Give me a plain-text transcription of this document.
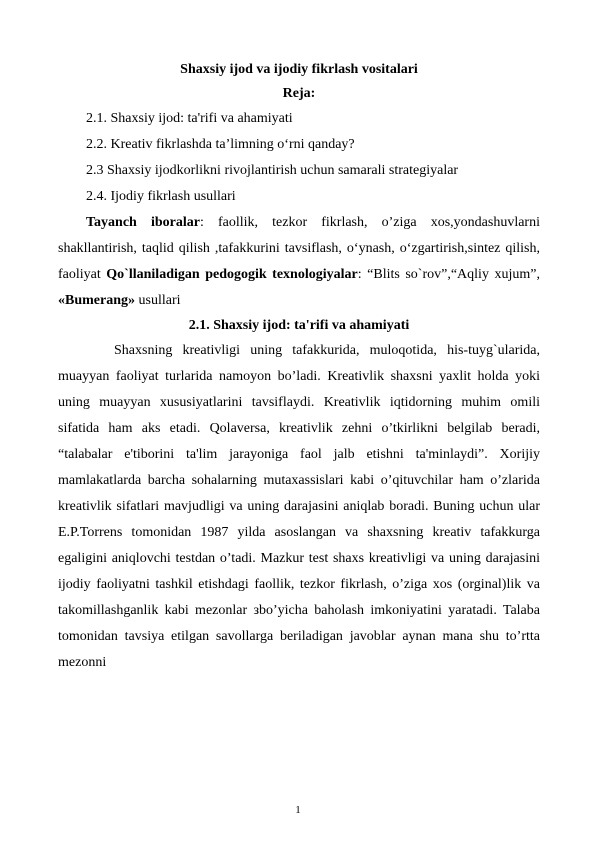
Shaxsiy ijod va ijodiy fikrlash vositalari

Reja:

2.1. Shaxsiy ijod: ta'rifi va ahamiyati

2.2. Kreativ fikrlashda ta’limning o‘rni qanday?

2.3 Shaxsiy ijodkorlikni rivojlantirish uchun samarali strategiyalar

2.4. Ijodiy fikrlash usullari

Tayanch iboralar: faollik, tezkor fikrlash, o’ziga xos,yondashuvlarni shakllantirish, taqlid qilish ,tafakkurini tavsiflash, o‘ynash, o‘zgartirish,sintez qilish, faoliyat Qo`llaniladigan pedogogik texnologiyalar: “Blits so`rov”,“Aqliy xujum”, «Bumerang» usullari

2.1. Shaxsiy ijod: ta'rifi va ahamiyati

Shaxsning kreativligi uning tafakkurida, muloqotida, his-tuyg`ularida, muayyan faoliyat turlarida namoyon bo’ladi. Kreativlik shaxsni yaxlit holda yoki uning muayyan xususiyatlarini tavsiflaydi. Kreativlik iqtidorning muhim omili sifatida ham aks etadi. Qolaversa, kreativlik zehni o’tkirlikni belgilab beradi, “talabalar e'tiborini ta'lim jarayoniga faol jalb etishni ta'minlaydi”. Xorijiy mamlakatlarda barcha sohalarning mutaxassislari kabi o’qituvchilar ham o’zlarida kreativlik sifatlari mavjudligi va uning darajasini aniqlab boradi. Buning uchun ular E.P.Torrens tomonidan 1987 yilda asoslangan va shaxsning kreativ tafakkurga egaligini aniqlovchi testdan o’tadi. Mazkur test shaxs kreativligi va uning darajasini ijodiy faoliyatni tashkil etishdagi faollik, tezkor fikrlash, o’ziga xos (orginal)lik va takomillashganlik kabi mezonlar зbo’yicha baholash imkoniyatini yaratadi. Talaba tomonidan tavsiya etilgan savollarga beriladigan javoblar aynan mana shu to’rtta mezonni

1
